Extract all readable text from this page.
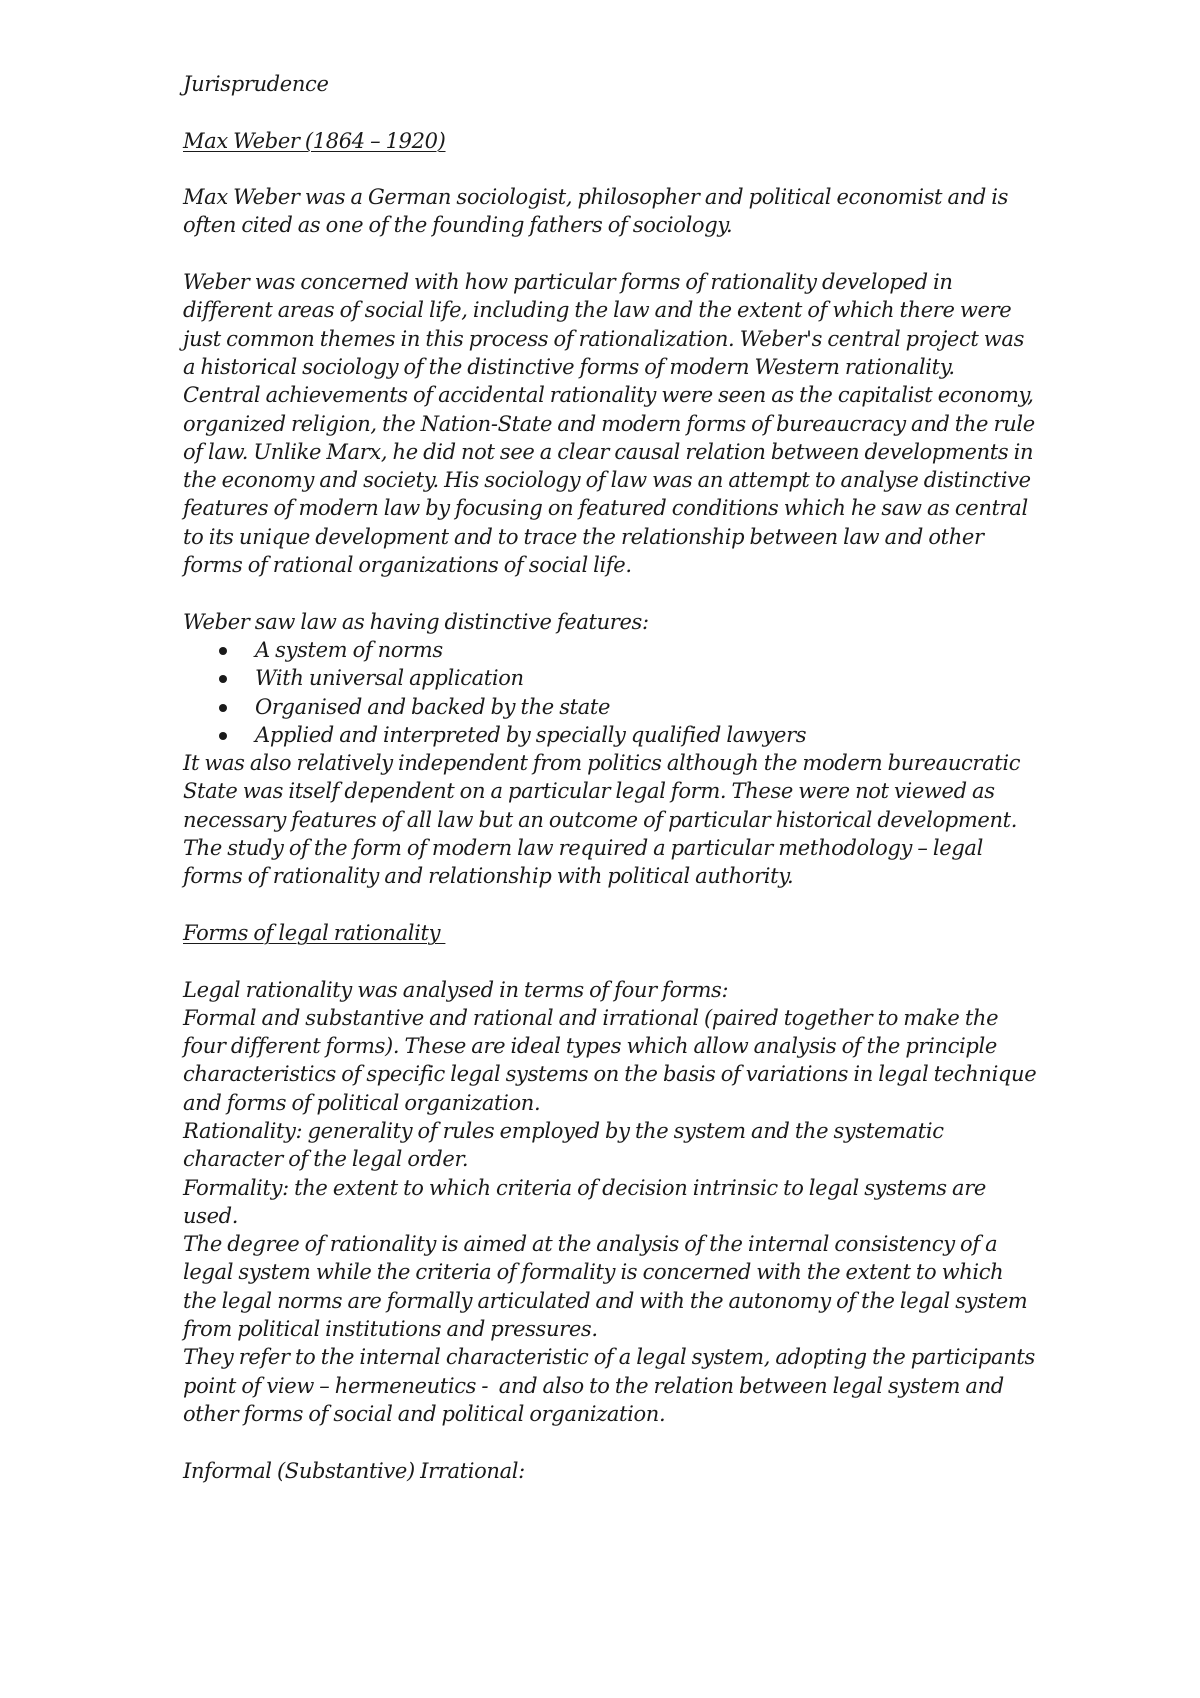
Jurisprudence
Max Weber (1864 – 1920)
Max Weber was a German sociologist, philosopher and political economist and is
often cited as one of the founding fathers of sociology.
Weber was concerned with how particular forms of rationality developed in
different areas of social life, including the law and the extent of which there were
just common themes in this process of rationalization. Weber's central project was
a historical sociology of the distinctive forms of modern Western rationality.
Central achievements of accidental rationality were seen as the capitalist economy,
organized religion, the Nation-State and modern forms of bureaucracy and the rule
of law. Unlike Marx, he did not see a clear causal relation between developments in
the economy and society. His sociology of law was an attempt to analyse distinctive
features of modern law by focusing on featured conditions which he saw as central
to its unique development and to trace the relationship between law and other
forms of rational organizations of social life.
Weber saw law as having distinctive features:
A system of norms
With universal application
Organised and backed by the state
Applied and interpreted by specially qualified lawyers
It was also relatively independent from politics although the modern bureaucratic
State was itself dependent on a particular legal form. These were not viewed as
necessary features of all law but an outcome of particular historical development.
The study of the form of modern law required a particular methodology – legal
forms of rationality and relationship with political authority.
Forms of legal rationality
Legal rationality was analysed in terms of four forms:
Formal and substantive and rational and irrational (paired together to make the
four different forms). These are ideal types which allow analysis of the principle
characteristics of specific legal systems on the basis of variations in legal technique
and forms of political organization.
Rationality: generality of rules employed by the system and the systematic
character of the legal order.
Formality: the extent to which criteria of decision intrinsic to legal systems are
used.
The degree of rationality is aimed at the analysis of the internal consistency of a
legal system while the criteria of formality is concerned with the extent to which
the legal norms are formally articulated and with the autonomy of the legal system
from political institutions and pressures.
They refer to the internal characteristic of a legal system, adopting the participants
point of view – hermeneutics -  and also to the relation between legal system and
other forms of social and political organization.
Informal (Substantive) Irrational:
